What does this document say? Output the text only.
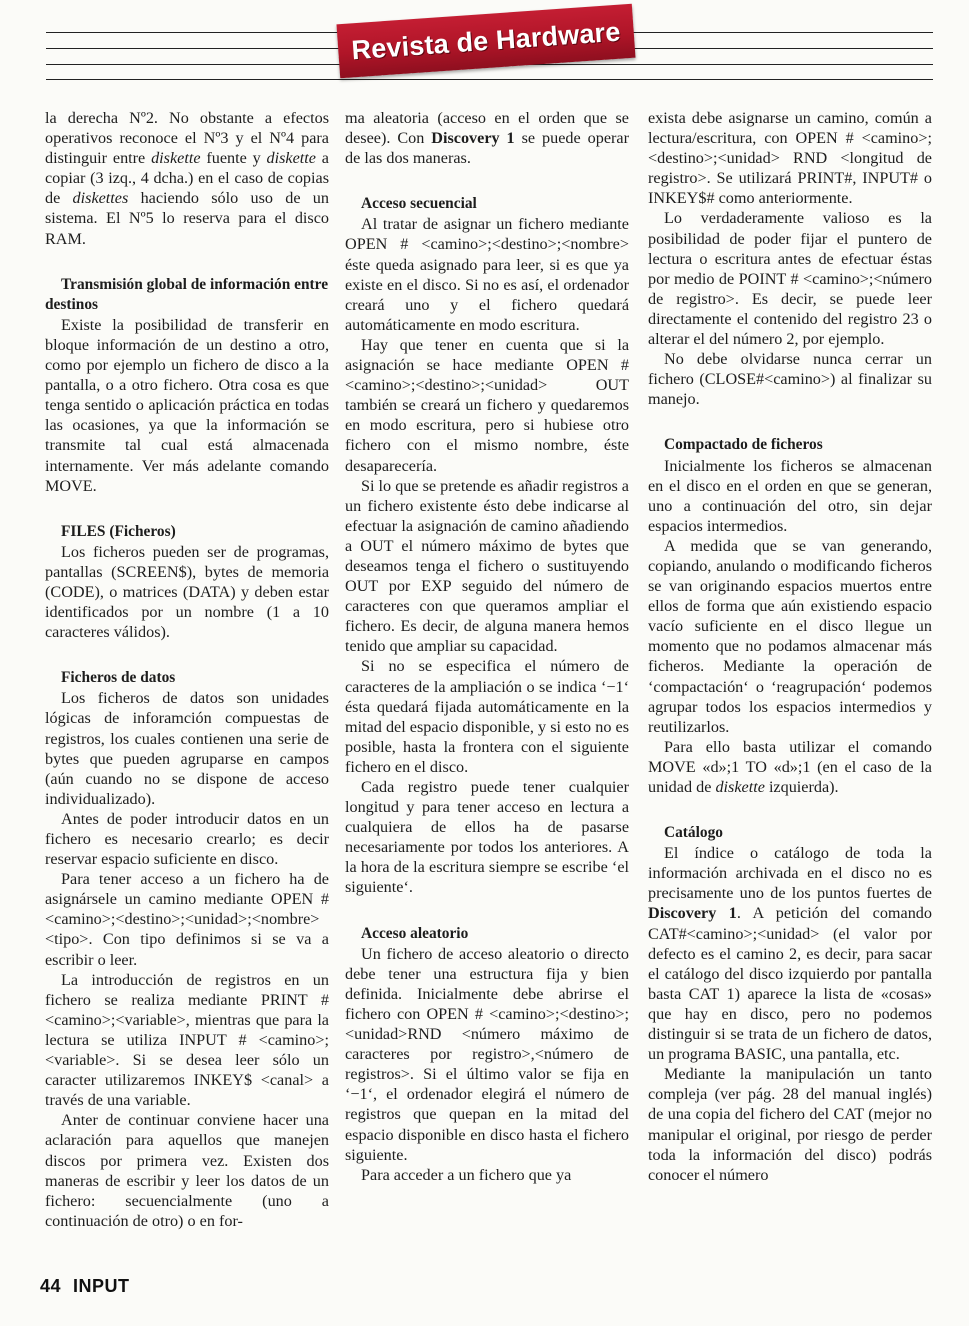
Revista de Hardware

la derecha Nº2. No obstante a efectos operativos reconoce el Nº3 y el Nº4 para distinguir entre diskette fuente y diskette a copiar (3 izq., 4 dcha.) en el caso de copias de diskettes haciendo sólo uso de un sistema. El Nº5 lo reserva para el disco RAM.

Transmisión global de información entre destinos

Existe la posibilidad de transferir en bloque información de un destino a otro, como por ejemplo un fichero de disco a la pantalla, o a otro fichero. Otra cosa es que tenga sentido o aplicación práctica en todas las ocasiones, ya que la información se transmite tal cual está almacenada internamente. Ver más adelante comando MOVE.

FILES (Ficheros)

Los ficheros pueden ser de programas, pantallas (SCREEN$), bytes de memoria (CODE), o matrices (DATA) y deben estar identificados por un nombre (1 a 10 caracteres válidos).

Ficheros de datos

Los ficheros de datos son unidades lógicas de inforamción compuestas de registros, los cuales contienen una serie de bytes que pueden agruparse en campos (aún cuando no se dispone de acceso individualizado).

Antes de poder introducir datos en un fichero es necesario crearlo; es decir reservar espacio suficiente en disco.

Para tener acceso a un fichero ha de asignársele un camino mediante OPEN # <camino>;<destino>;<unidad>;<nombre><tipo>. Con tipo definimos si se va a escribir o leer.

La introducción de registros en un fichero se realiza mediante PRINT # <camino>;<variable>, mientras que para la lectura se utiliza INPUT # <camino>;<variable>. Si se desea leer sólo un caracter utilizaremos INKEY$ <canal> a través de una variable.

Anter de continuar conviene hacer una aclaración para aquellos que manejen discos por primera vez. Existen dos maneras de escribir y leer los datos de un fichero: secuencialmente (uno a continuación de otro) o en for-

ma aleatoria (acceso en el orden que se desee). Con Discovery 1 se puede operar de las dos maneras.

Acceso secuencial

Al tratar de asignar un fichero mediante OPEN # <camino>;<destino>;<nombre> éste queda asignado para leer, si es que ya existe en el disco. Si no es así, el ordenador creará uno y el fichero quedará automáticamente en modo escritura.

Hay que tener en cuenta que si la asignación se hace mediante OPEN # <camino>;<destino>;<unidad> OUT también se creará un fichero y quedaremos en modo escritura, pero si hubiese otro fichero con el mismo nombre, éste desaparecería.

Si lo que se pretende es añadir registros a un fichero existente ésto debe indicarse al efectuar la asignación de camino añadiendo a OUT el número máximo de bytes que deseamos tenga el fichero o sustituyendo OUT por EXP seguido del número de caracteres con que queramos ampliar el fichero. Es decir, de alguna manera hemos tenido que ampliar su capacidad.

Si no se especifica el número de caracteres de la ampliación o se indica ‘−1‘ ésta quedará fijada automáticamente en la mitad del espacio disponible, y si esto no es posible, hasta la frontera con el siguiente fichero en el disco.

Cada registro puede tener cualquier longitud y para tener acceso en lectura a cualquiera de ellos ha de pasarse necesariamente por todos los anteriores. A la hora de la escritura siempre se escribe ‘el siguiente‘.

Acceso aleatorio

Un fichero de acceso aleatorio o directo debe tener una estructura fija y bien definida. Inicialmente debe abrirse el fichero con OPEN # <camino>;<destino>;<unidad>RND <número máximo de caracteres por registro>,<número de registros>. Si el último valor se fija en ‘−1‘, el ordenador elegirá el número de registros que quepan en la mitad del espacio disponible en disco hasta el fichero siguiente.

Para acceder a un fichero que ya

exista debe asignarse un camino, común a lectura/escritura, con OPEN # <camino>;<destino>;<unidad> RND <longitud de registro>. Se utilizará PRINT#, INPUT# o INKEY$# como anteriormente.

Lo verdaderamente valioso es la posibilidad de poder fijar el puntero de lectura o escritura antes de efectuar éstas por medio de POINT # <camino>;<número de registro>. Es decir, se puede leer directamente el contenido del registro 23 o alterar el del número 2, por ejemplo.

No debe olvidarse nunca cerrar un fichero (CLOSE#<camino>) al finalizar su manejo.

Compactado de ficheros

Inicialmente los ficheros se almacenan en el disco en el orden en que se generan, uno a continuación del otro, sin dejar espacios intermedios.

A medida que se van generando, copiando, anulando o modificando ficheros se van originando espacios muertos entre ellos de forma que aún existiendo espacio vacío suficiente en el disco llegue un momento que no podamos almacenar más ficheros. Mediante la operación de ‘compactación‘ o ‘reagrupación‘ podemos agrupar todos los espacios intermedios y reutilizarlos.

Para ello basta utilizar el comando MOVE «d»;1 TO «d»;1 (en el caso de la unidad de diskette izquierda).

Catálogo

El índice o catálogo de toda la información archivada en el disco no es precisamente uno de los puntos fuertes de Discovery 1. A petición del comando CAT#<camino>;<unidad> (el valor por defecto es el camino 2, es decir, para sacar el catálogo del disco izquierdo por pantalla basta CAT 1) aparece la lista de «cosas» que hay en disco, pero no podemos distinguir si se trata de un fichero de datos, un programa BASIC, una pantalla, etc.

Mediante la manipulación un tanto compleja (ver pág. 28 del manual inglés) de una copia del fichero del CAT (mejor no manipular el original, por riesgo de perder toda la información del disco) podrás conocer el número

44 INPUT
